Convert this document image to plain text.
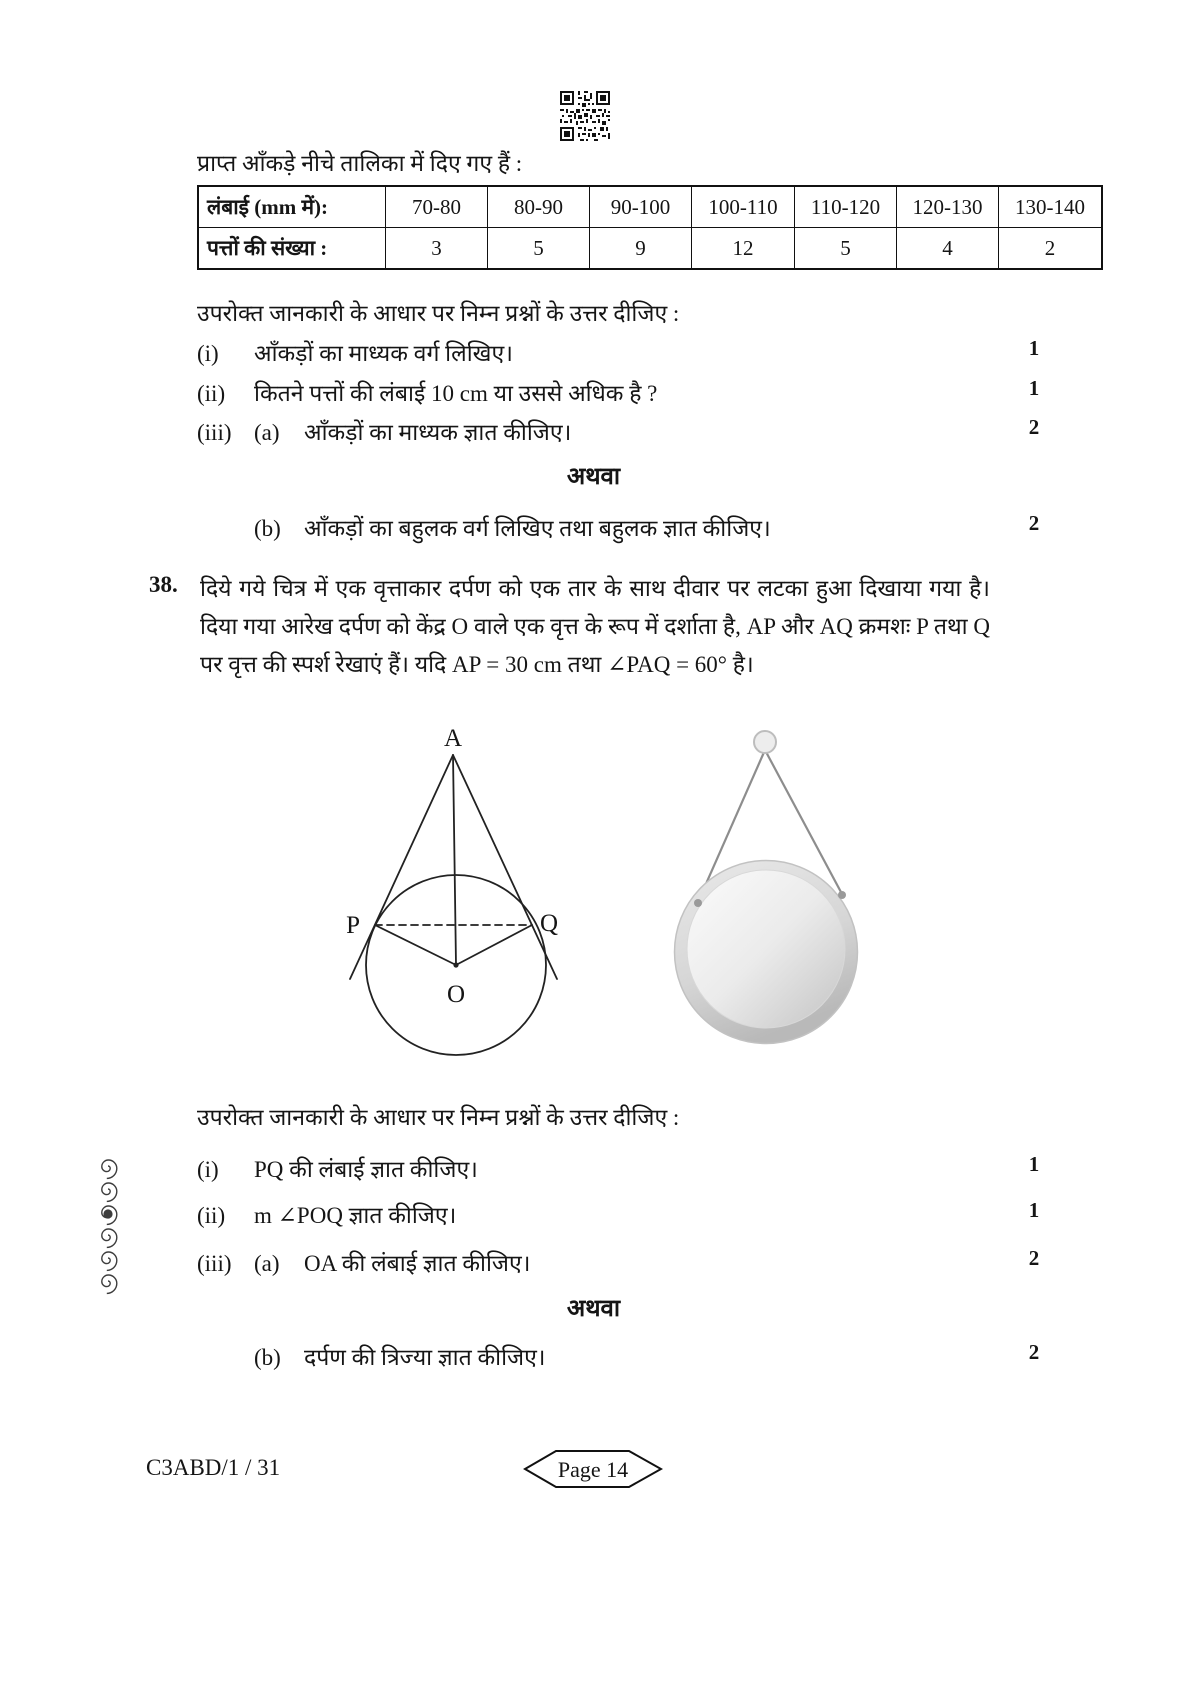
प्राप्त आँकड़े नीचे तालिका में दिए गए हैं :
लंबाई (mm में):	70-80	80-90	90-100	100-110	110-120	120-130	130-140
पत्तों की संख्या :	3	5	9	12	5	4	2
उपरोक्त जानकारी के आधार पर निम्न प्रश्नों के उत्तर दीजिए :
(i) आँकड़ों का माध्यक वर्ग लिखिए।	1
(ii) कितने पत्तों की लंबाई 10 cm या उससे अधिक है ?	1
(iii) (a) आँकड़ों का माध्यक ज्ञात कीजिए।	2
अथवा
(b) आँकड़ों का बहुलक वर्ग लिखिए तथा बहुलक ज्ञात कीजिए।	2
38. दिये गये चित्र में एक वृत्ताकार दर्पण को एक तार के साथ दीवार पर लटका हुआ दिखाया गया है। दिया गया आरेख दर्पण को केंद्र O वाले एक वृत्त के रूप में दर्शाता है, AP और AQ क्रमशः P तथा Q पर वृत्त की स्पर्श रेखाएं हैं। यदि AP = 30 cm तथा ∠PAQ = 60° है।
A
P	Q
O
उपरोक्त जानकारी के आधार पर निम्न प्रश्नों के उत्तर दीजिए :
(i) PQ की लंबाई ज्ञात कीजिए।	1
(ii) m ∠POQ ज्ञात कीजिए।	1
(iii) (a) OA की लंबाई ज्ञात कीजिए।	2
अथवा
(b) दर्पण की त्रिज्या ज्ञात कीजिए।	2
C3ABD/1 / 31	Page 14
